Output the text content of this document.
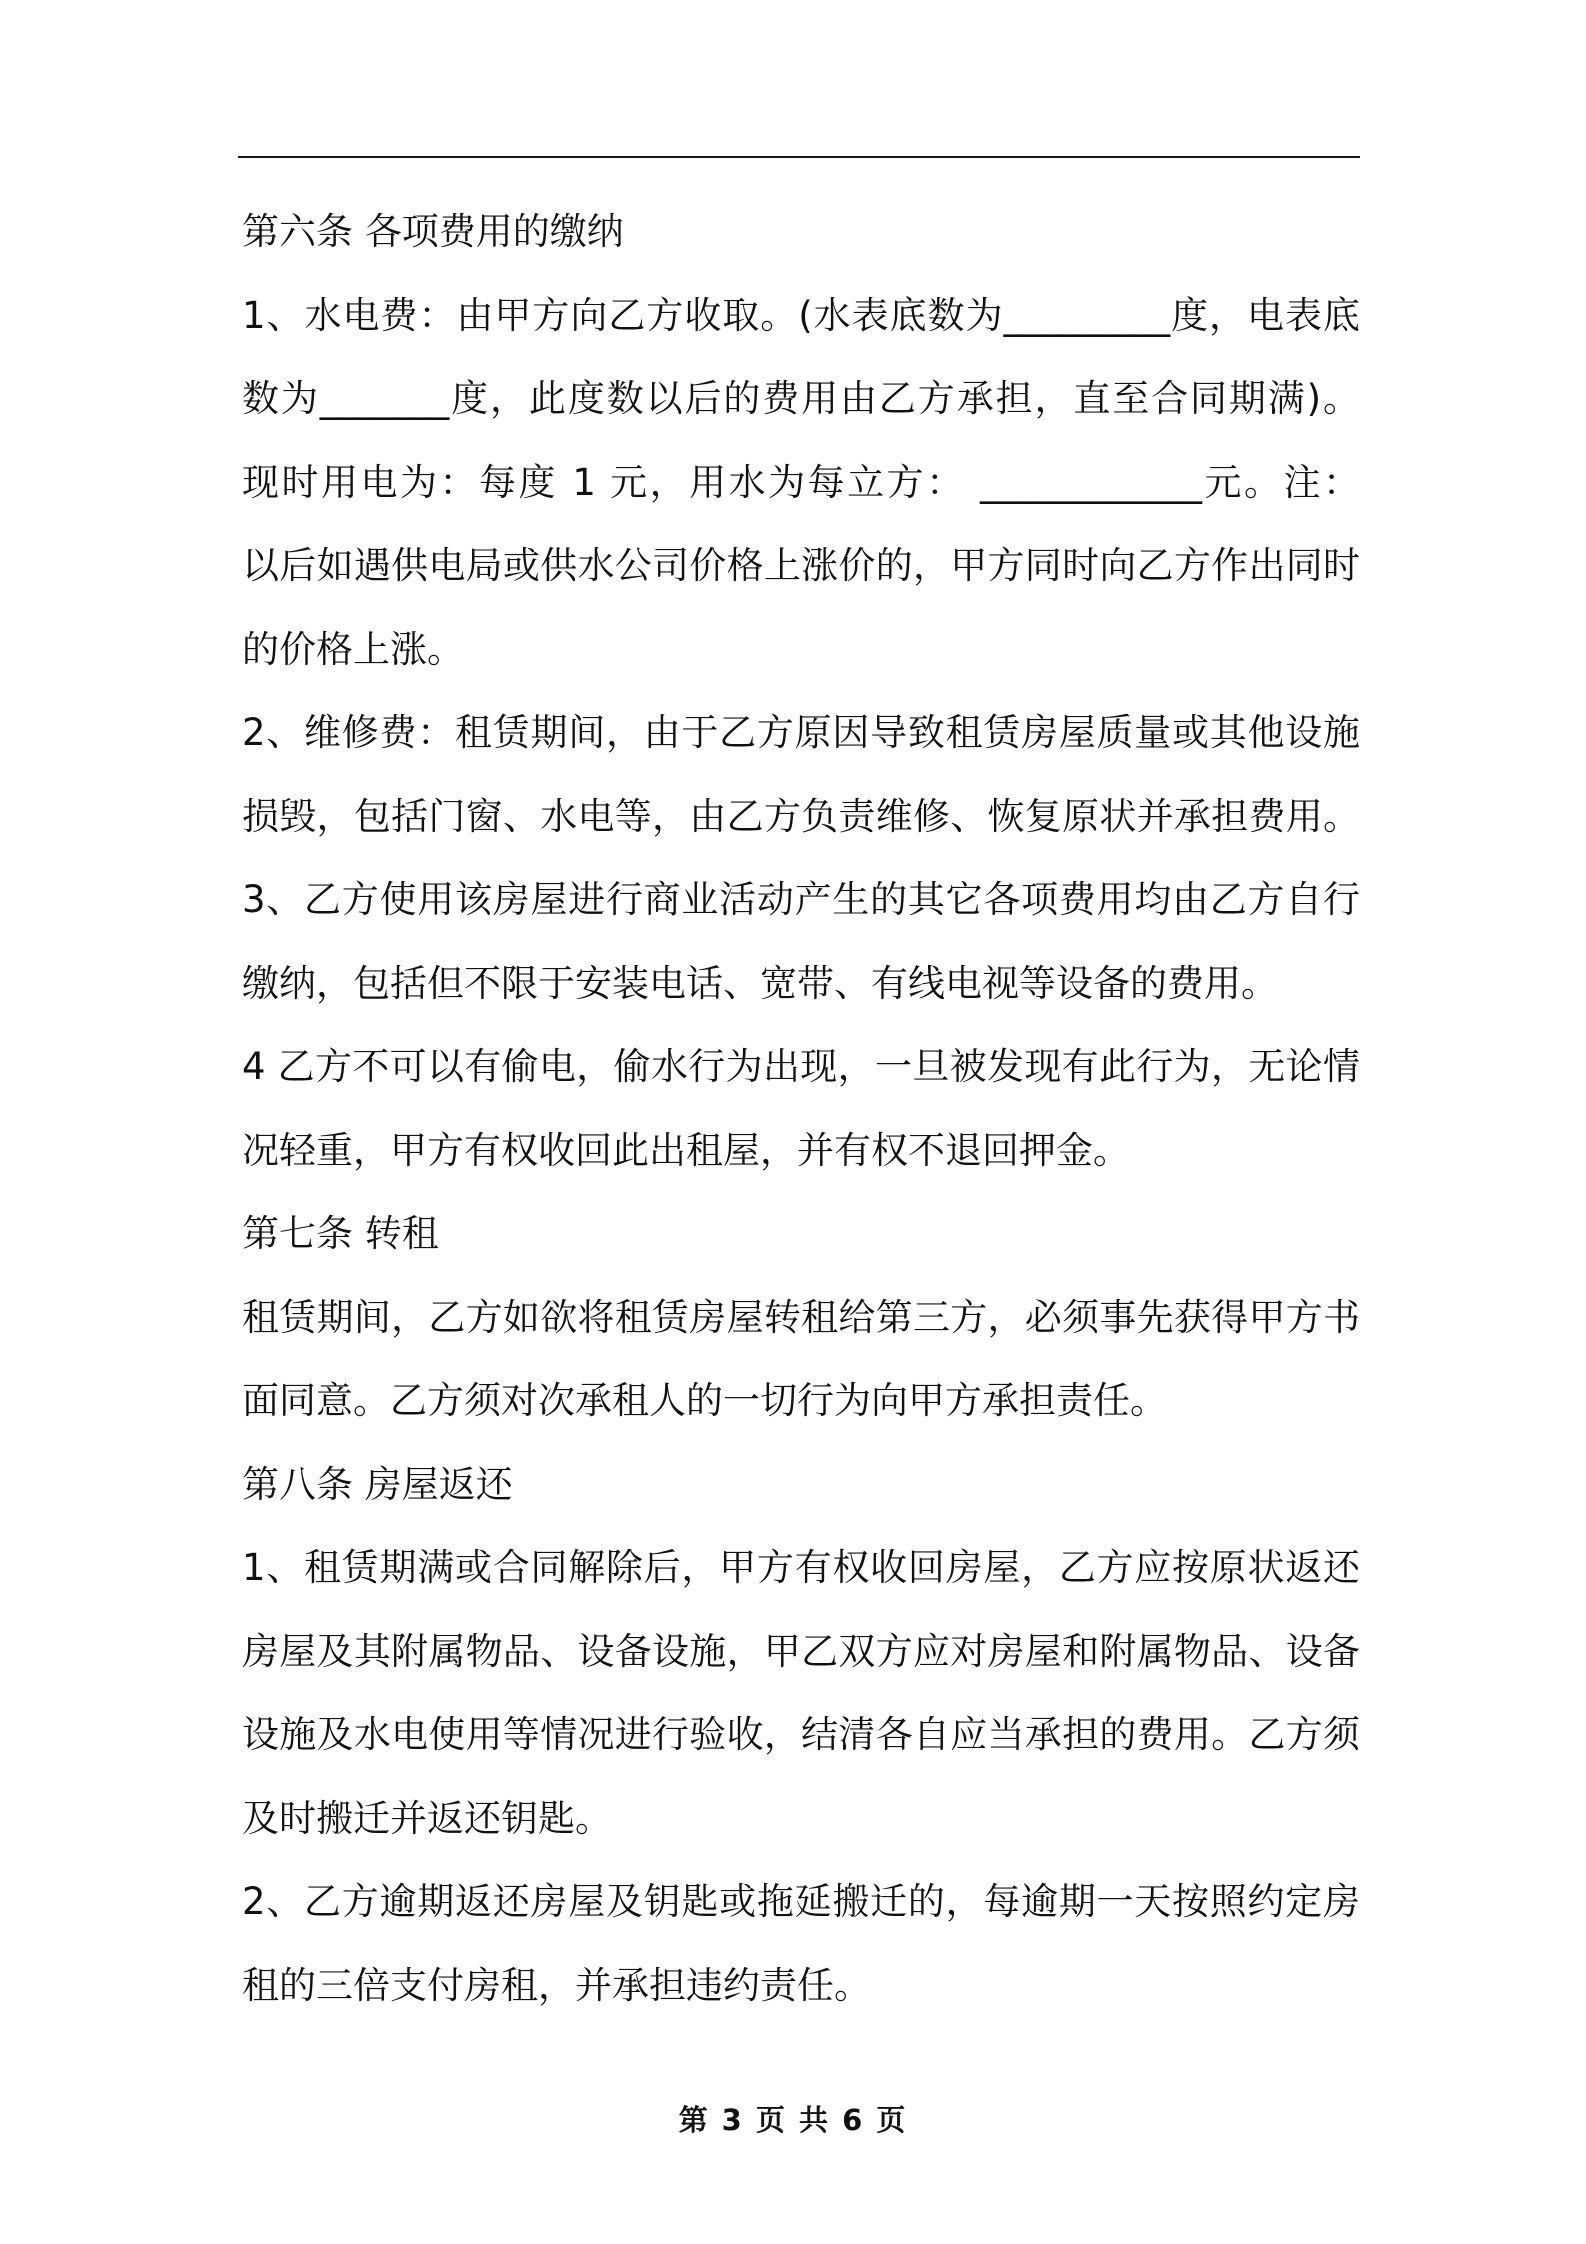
第六条 各项费用的缴纳
1、水电费：由甲方向乙方收取。(水表底数为_________度，电表底
数为_______度，此度数以后的费用由乙方承担，直至合同期满)。
现时用电为：每度 1 元，用水为每立方： ____________元。注：
以后如遇供电局或供水公司价格上涨价的，甲方同时向乙方作出同时
的价格上涨。
2、维修费：租赁期间，由于乙方原因导致租赁房屋质量或其他设施
损毁，包括门窗、水电等，由乙方负责维修、恢复原状并承担费用。
3、乙方使用该房屋进行商业活动产生的其它各项费用均由乙方自行
缴纳，包括但不限于安装电话、宽带、有线电视等设备的费用。
4 乙方不可以有偷电，偷水行为出现，一旦被发现有此行为，无论情
况轻重，甲方有权收回此出租屋，并有权不退回押金。
第七条 转租
租赁期间，乙方如欲将租赁房屋转租给第三方，必须事先获得甲方书
面同意。乙方须对次承租人的一切行为向甲方承担责任。
第八条 房屋返还
1、租赁期满或合同解除后，甲方有权收回房屋，乙方应按原状返还
房屋及其附属物品、设备设施，甲乙双方应对房屋和附属物品、设备
设施及水电使用等情况进行验收，结清各自应当承担的费用。乙方须
及时搬迁并返还钥匙。
2、乙方逾期返还房屋及钥匙或拖延搬迁的，每逾期一天按照约定房
租的三倍支付房租，并承担违约责任。
第 3 页 共 6 页
